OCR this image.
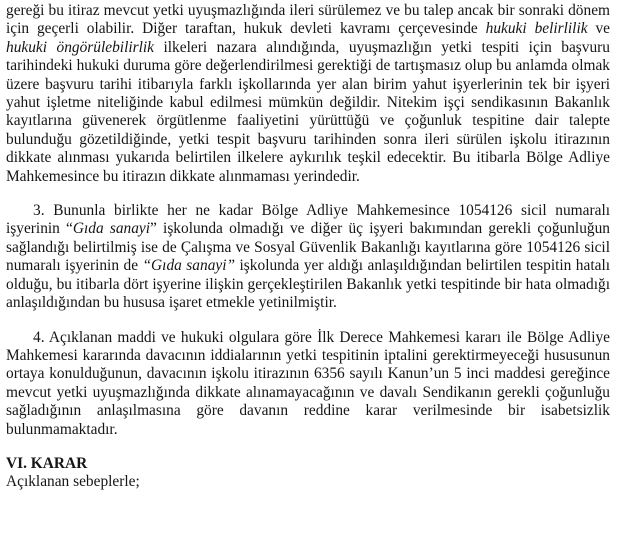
gereği bu itiraz mevcut yetki uyuşmazlığında ileri sürülemez ve bu talep ancak bir sonraki dönem için geçerli olabilir. Diğer taraftan, hukuk devleti kavramı çerçevesinde hukuki belirlilik ve hukuki öngörülebilirlik ilkeleri nazara alındığında, uyuşmazlığın yetki tespiti için başvuru tarihindeki hukuki duruma göre değerlendirilmesi gerektiği de tartışmasız olup bu anlamda olmak üzere başvuru tarihi itibarıyla farklı işkollarında yer alan birim yahut işyerlerinin tek bir işyeri yahut işletme niteliğinde kabul edilmesi mümkün değildir. Nitekim işçi sendikasının Bakanlık kayıtlarına güvenerek örgütlenme faaliyetini yürüttüğü ve çoğunluk tespitine dair talepte bulunduğu gözetildiğinde, yetki tespit başvuru tarihinden sonra ileri sürülen işkolu itirazının dikkate alınması yukarıda belirtilen ilkelere aykırılık teşkil edecektir. Bu itibarla Bölge Adliye Mahkemesince bu itirazın dikkate alınmaması yerindedir.

3. Bununla birlikte her ne kadar Bölge Adliye Mahkemesince 1054126 sicil numaralı işyerinin “Gıda sanayi” işkolunda olmadığı ve diğer üç işyeri bakımından gerekli çoğunluğun sağlandığı belirtilmiş ise de Çalışma ve Sosyal Güvenlik Bakanlığı kayıtlarına göre 1054126 sicil numaralı işyerinin de “Gıda sanayi” işkolunda yer aldığı anlaşıldığından belirtilen tespitin hatalı olduğu, bu itibarla dört işyerine ilişkin gerçekleştirilen Bakanlık yetki tespitinde bir hata olmadığı anlaşıldığından bu hususa işaret etmekle yetinilmiştir.

4. Açıklanan maddi ve hukuki olgulara göre İlk Derece Mahkemesi kararı ile Bölge Adliye Mahkemesi kararında davacının iddialarının yetki tespitinin iptalini gerektirmeyeceği hususunun ortaya konulduğunun, davacının işkolu itirazının 6356 sayılı Kanun’un 5 inci maddesi gereğince mevcut yetki uyuşmazlığında dikkate alınamayacağının ve davalı Sendikanın gerekli çoğunluğu sağladığının anlaşılmasına göre davanın reddine karar verilmesinde bir isabetsizlik bulunmamaktadır.

VI. KARAR

Açıklanan sebeplerle;
